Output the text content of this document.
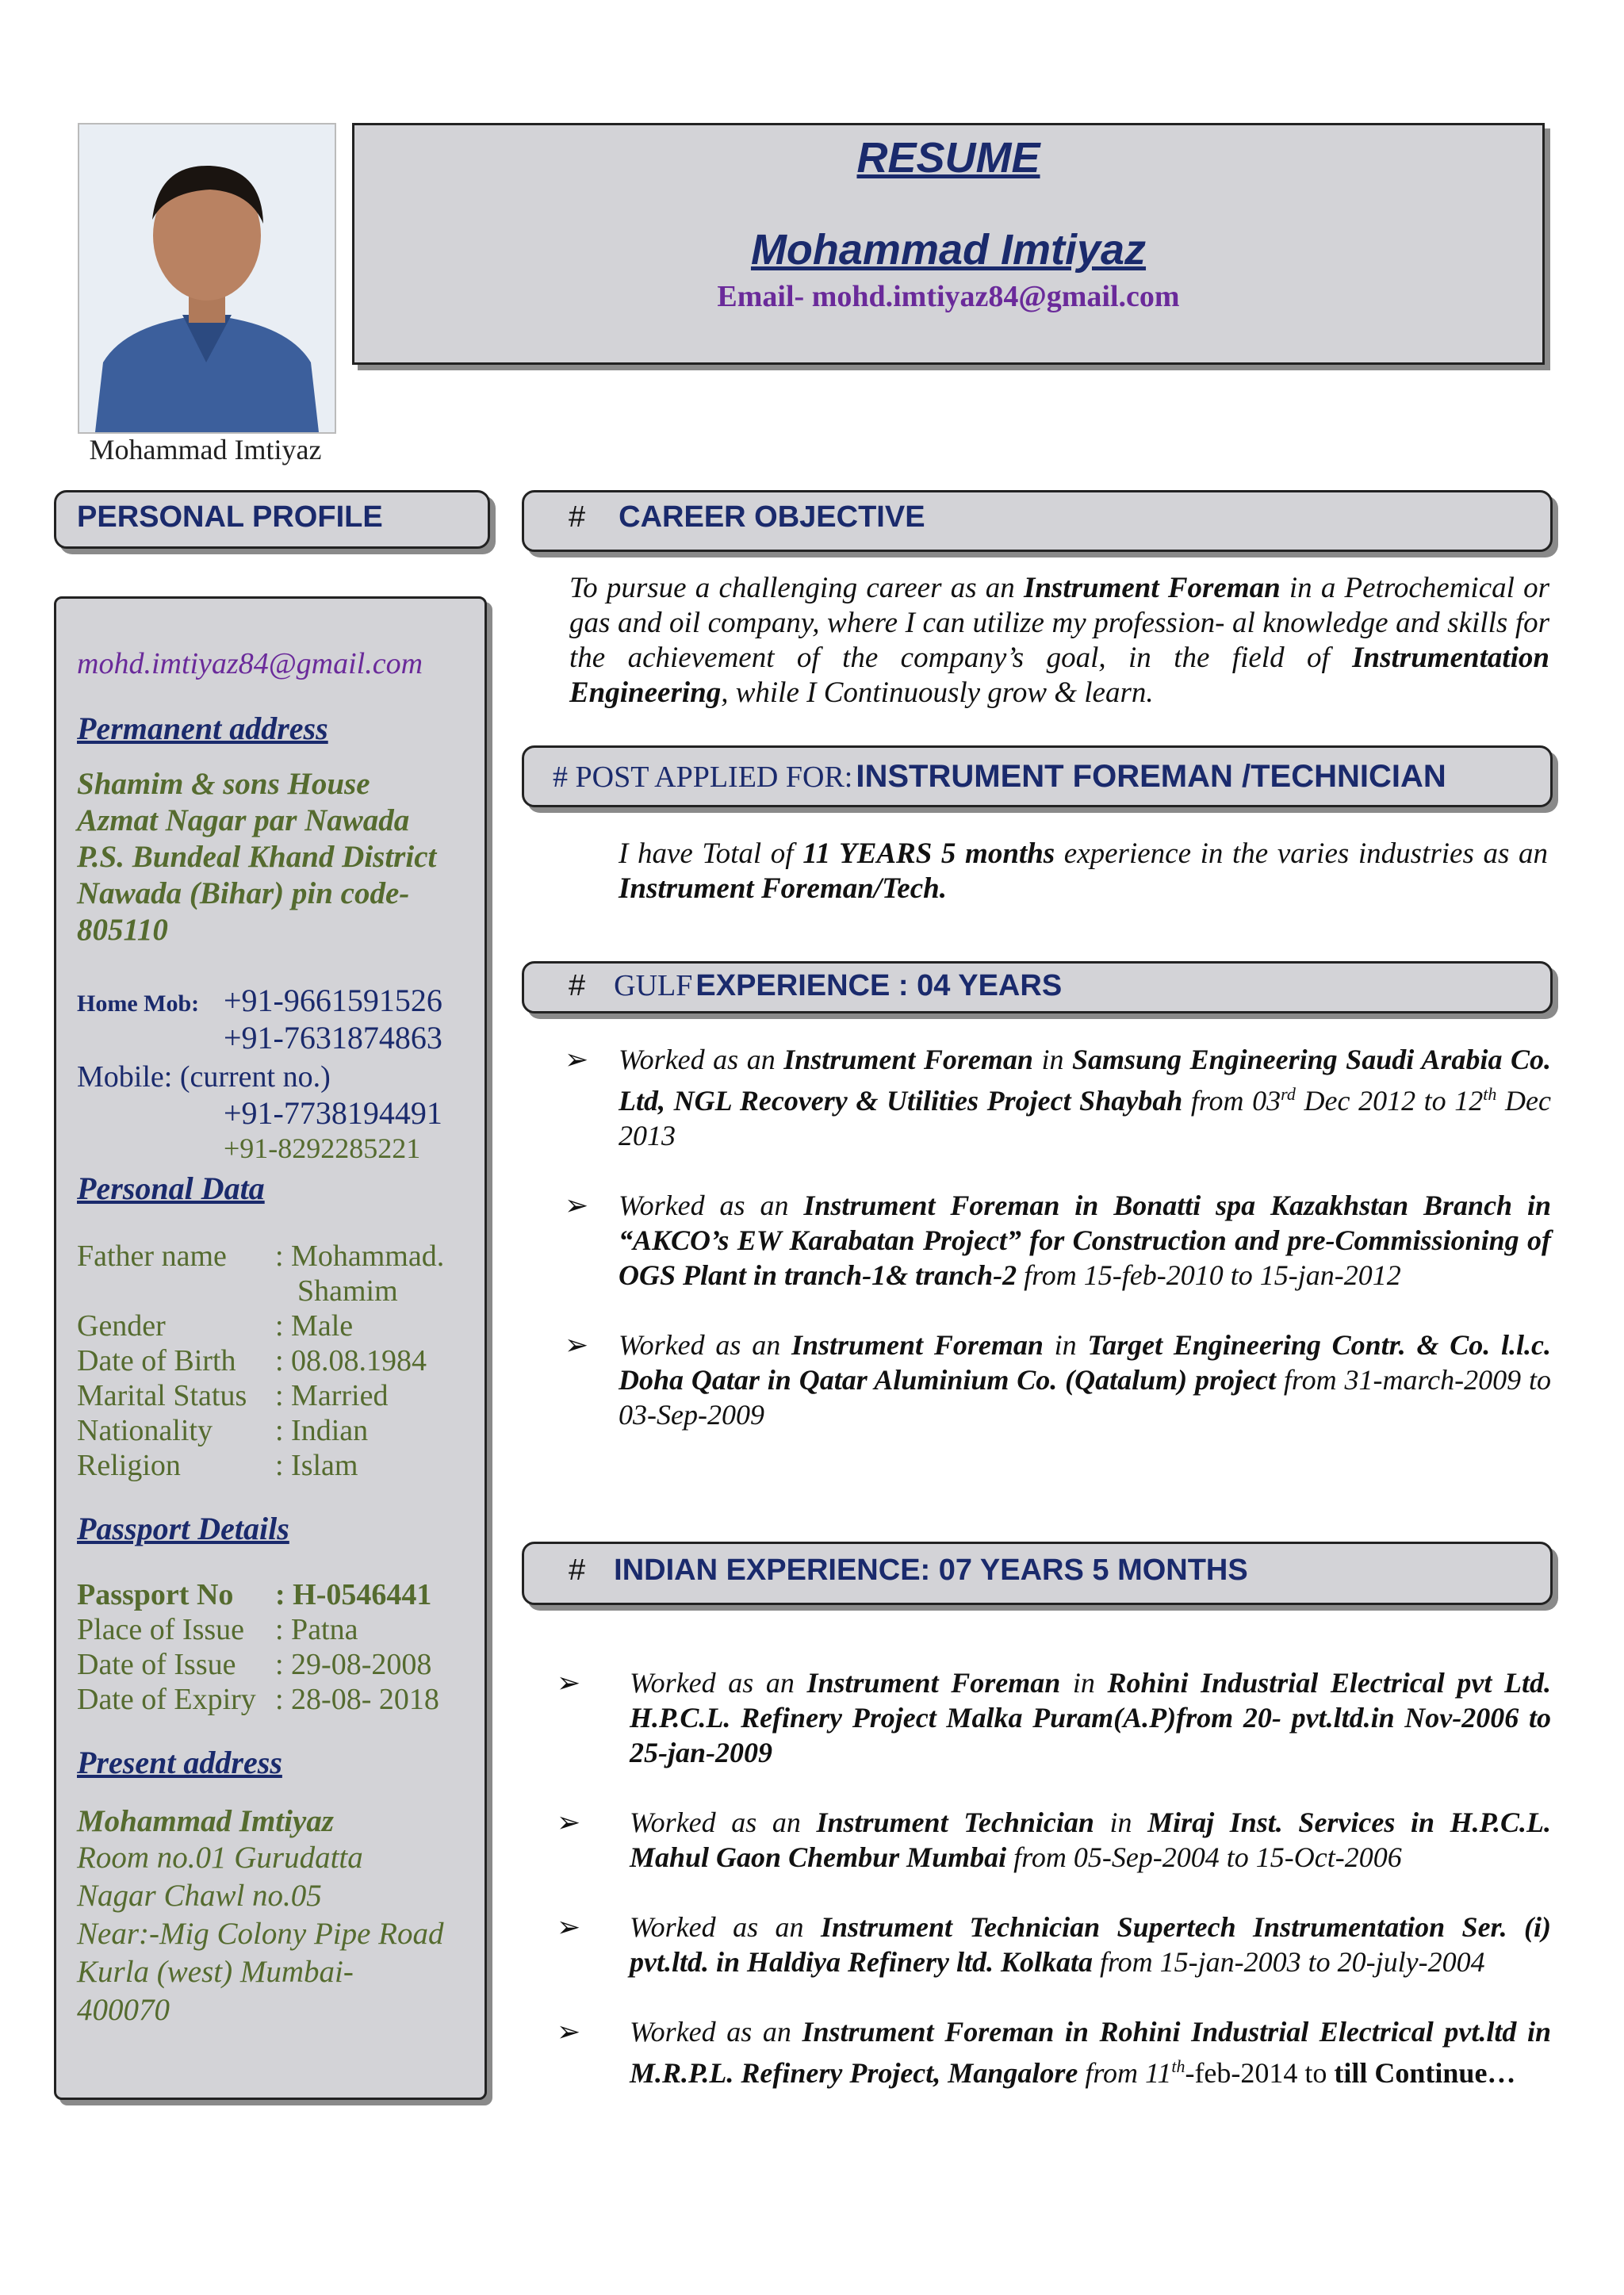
Mohammad Imtiyaz
RESUME
Mohammad Imtiyaz
Email- mohd.imtiyaz84@gmail.com
PERSONAL PROFILE
mohd.imtiyaz84@gmail.com
Permanent address
Shamim & sons House
Azmat Nagar par Nawada
P.S. Bundeal Khand District
Nawada (Bihar) pin code-
805110
Home Mob: +91-9661591526
+91-7631874863
Mobile: (current no.)
+91-7738194491
+91-8292285221
Personal Data
Father name	: Mohammad.
Shamim
Gender	: Male
Date of Birth	: 08.08.1984
Marital Status : Married
Nationality	: Indian
Religion	: Islam
Passport Details
Passport No	: H-0546441
Place of Issue	: Patna
Date of Issue	: 29-08-2008
Date of Expiry : 28-08- 2018
Present address
Mohammad Imtiyaz
Room no.01 Gurudatta
Nagar Chawl no.05
Near:-Mig Colony Pipe Road
Kurla (west) Mumbai-
400070
# CAREER OBJECTIVE
To pursue a challenging career as an Instrument Foreman in a Petrochemical or gas and oil company, where I can utilize my profession- al knowledge and skills for the achievement of the company’s goal, in the field of Instrumentation Engineering, while I Continuously grow & learn.
# POST APPLIED FOR: INSTRUMENT FOREMAN /TECHNICIAN
I have Total of 11 YEARS 5 months experience in the varies industries as an Instrument Foreman/Tech.
# GULF EXPERIENCE : 04 YEARS
➢	Worked as an Instrument Foreman in Samsung Engineering Saudi Arabia Co. Ltd, NGL Recovery & Utilities Project Shaybah from 03rd Dec 2012 to 12th Dec 2013
➢	Worked as an Instrument Foreman in Bonatti spa Kazakhstan Branch in “AKCO’s EW Karabatan Project” for Construction and pre-Commissioning of OGS Plant in tranch-1& tranch-2 from 15-feb-2010 to 15-jan-2012
➢	Worked as an Instrument Foreman in Target Engineering Contr. & Co. l.l.c. Doha Qatar in Qatar Aluminium Co. (Qatalum) project from 31-march-2009 to 03-Sep-2009
# INDIAN EXPERIENCE: 07 YEARS 5 MONTHS
➢	Worked as an Instrument Foreman in Rohini Industrial Electrical pvt Ltd. H.P.C.L. Refinery Project Malka Puram(A.P)from 20- pvt.ltd.in Nov-2006 to 25-jan-2009
➢	Worked as an Instrument Technician in Miraj Inst. Services in H.P.C.L. Mahul Gaon Chembur Mumbai from 05-Sep-2004 to 15-Oct-2006
➢	Worked as an Instrument Technician Supertech Instrumentation Ser. (i) pvt.ltd. in Haldiya Refinery ltd. Kolkata from 15-jan-2003 to 20-july-2004
➢	Worked as an Instrument Foreman in Rohini Industrial Electrical pvt.ltd in M.R.P.L. Refinery Project, Mangalore from 11th-feb-2014 to till Continue…
